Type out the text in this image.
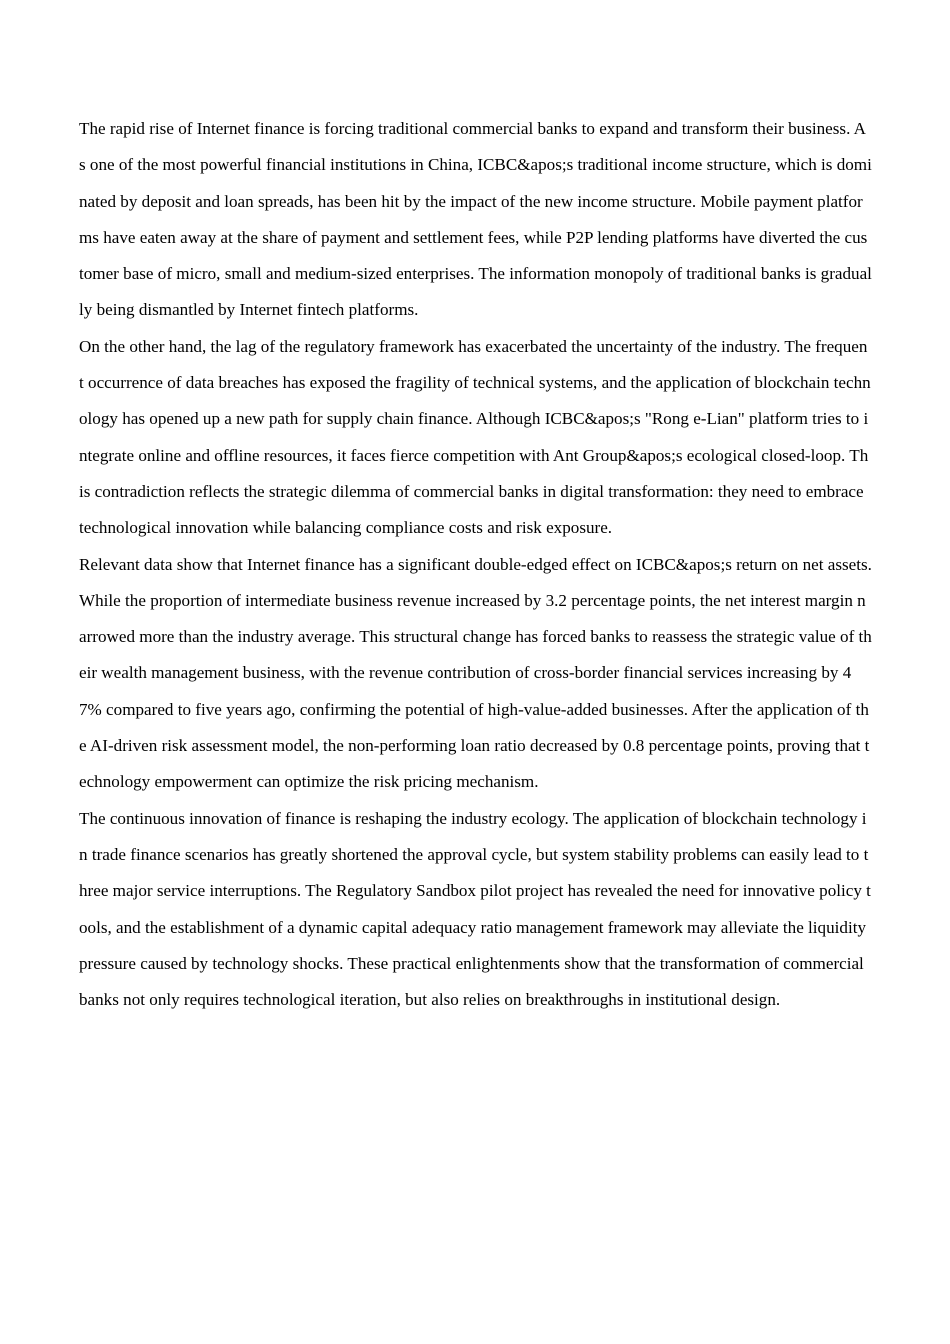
The rapid rise of Internet finance is forcing traditional commercial banks to expand and transform their business. As one of the most powerful financial institutions in China, ICBC&apos;s traditional income structure, which is dominated by deposit and loan spreads, has been hit by the impact of the new income structure. Mobile payment platforms have eaten away at the share of payment and settlement fees, while P2P lending platforms have diverted the customer base of micro, small and medium-sized enterprises. The information monopoly of traditional banks is gradually being dismantled by Internet fintech platforms.

On the other hand, the lag of the regulatory framework has exacerbated the uncertainty of the industry. The frequent occurrence of data breaches has exposed the fragility of technical systems, and the application of blockchain technology has opened up a new path for supply chain finance. Although ICBC&apos;s "Rong e-Lian" platform tries to integrate online and offline resources, it faces fierce competition with Ant Group&apos;s ecological closed-loop. This contradiction reflects the strategic dilemma of commercial banks in digital transformation: they need to embrace technological innovation while balancing compliance costs and risk exposure.

Relevant data show that Internet finance has a significant double-edged effect on ICBC&apos;s return on net assets. While the proportion of intermediate business revenue increased by 3.2 percentage points, the net interest margin narrowed more than the industry average. This structural change has forced banks to reassess the strategic value of their wealth management business, with the revenue contribution of cross-border financial services increasing by 47% compared to five years ago, confirming the potential of high-value-added businesses. After the application of the AI-driven risk assessment model, the non-performing loan ratio decreased by 0.8 percentage points, proving that technology empowerment can optimize the risk pricing mechanism.

The continuous innovation of finance is reshaping the industry ecology. The application of blockchain technology in trade finance scenarios has greatly shortened the approval cycle, but system stability problems can easily lead to three major service interruptions. The Regulatory Sandbox pilot project has revealed the need for innovative policy tools, and the establishment of a dynamic capital adequacy ratio management framework may alleviate the liquidity pressure caused by technology shocks. These practical enlightenments show that the transformation of commercial banks not only requires technological iteration, but also relies on breakthroughs in institutional design.
